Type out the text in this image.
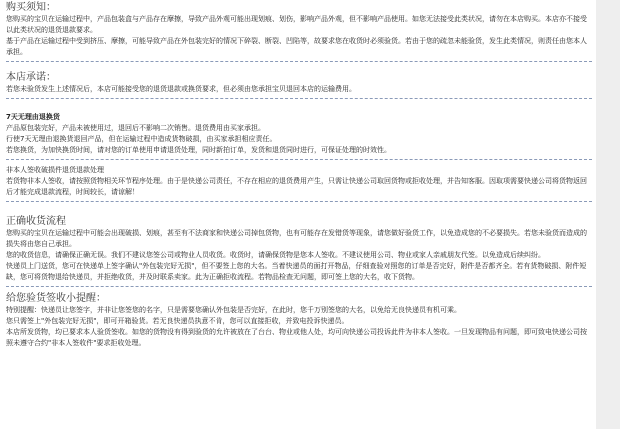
购买须知：

您购买的宝贝在运输过程中，产品包装盒与产品存在摩擦，导致产品外观可能出现划痕、划伤，影响产品外观，但不影响产品使用。如您无法接受此类状况，请勿在本店购买。本店亦不接受以此类状况的退货退款要求。

基于产品在运输过程中受到挤压、摩擦，可能导致产品在外包装完好的情况下碎裂、断裂、凹陷等，故要求您在收货时必须验货。若由于您的疏忽未能验货，发生此类情况，则责任由您本人承担。

本店承诺：

若您未验货发生上述情况后，本店可能接受您的退货退款或换货要求，但必须由您承担宝贝退回本店的运输费用。

7天无理由退换货

产品原包装完好，产品未被使用过，退回后不影响二次销售。退货费用由买家承担。

行使7天无理由退换货退回产品，但在运输过程中造成货物破损，由买家承担相应责任。

若您换货，为加快换货时间，请对您的订单使用申请退货处理，同时新拍订单，发货和退货同时进行，可保证处理的时效性。

非本人签收破损件退货退款处理

若货物非本人签收，请按照货物相关环节程序处理。由于是快递公司责任，不存在相应的退货费用产生，只需让快递公司取回货物或拒收处理，并告知客服。因取项需要快递公司将货物返回后才能完成退款流程，时间较长，请谅解！

正确收货流程

您购买的宝贝在运输过程中可能会出现破损、划痕，甚至有不法商家和快递公司掉包货物，也有可能存在发错货等现象，请您做好验货工作，以免造成您的不必要损失。若您未验货而造成的损失将由您自己承担。

您的收货信息，请确保正确无误。我们不建议您签公司或物业人员收货。收货时，请确保货物是您本人签收。不建议使用公司、物业或家人亲戚朋友代签。以免造成后续纠纷。

快递员上门送货，您可在快递单上签字确认"外包装完好无损"，但不要签上您的大名。当着快递员的面打开物品，仔细查验对照您的订单是否完好，附件是否都齐全。若有货物破损、附件短缺，您可将货物退给快递员，并拒绝收货，并及时联系卖家。此为正确拒收流程。若物品检查无问题，即可签上您的大名，收下货物。

给您验货签收小提醒：

特别提醒：快递员让您签字，并非让您签您的名字，只是需要您确认外包装是否完好，在此时，您千万别签您的大名，以免给无良快递员有机可乘。

您只需签上"外包装完好无损"，即可开箱验货。若无良快递员执意不肯，您可以直接拒收，并致电投诉快递员。

本店所发货物，均已要求本人验货签收。如您的货物没有得到验货的允许被放在了台台、物业或他人处，均可向快递公司投诉此件为非本人签收。一旦发现物品有问题，即可致电快递公司按照未遵守合约"非本人签收件"要求拒收处理。
